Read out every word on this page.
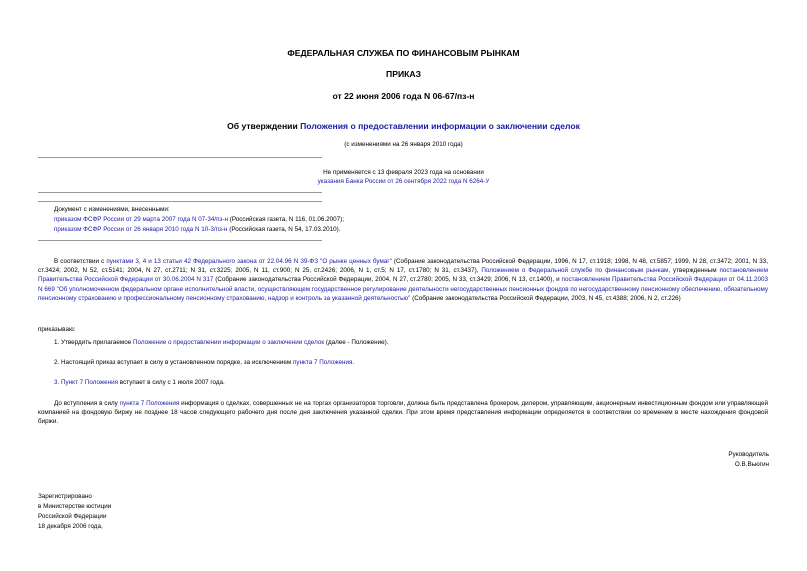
ФЕДЕРАЛЬНАЯ СЛУЖБА ПО ФИНАНСОВЫМ РЫНКАМ
ПРИКАЗ
от 22 июня 2006 года N 06-67/пз-н
Об утверждении Положения о предоставлении информации о заключении сделок
(с изменениями на 26 января 2010 года)
Не применяется с 13 февраля 2023 года на основании
указания Банка России от 26 сентября 2022 года N 6264-У
Документ с изменениями, внесенными:
приказом ФСФР России от 29 марта 2007 года N 07-34/пз-н (Российская газета, N 116, 01.06.2007);
приказом ФСФР России от 26 января 2010 года N 10-3/пз-н (Российская газета, N 54, 17.03.2010).
В соответствии с пунктами 3, 4 и 13 статьи 42 Федерального закона от 22.04.96 N 39-ФЗ "О рынке ценных бумаг" (Собрание законодательства Российской Федерации, 1996, N 17, ст.1918; 1998, N 48, ст.5857; 1999, N 28, ст.3472; 2001, N 33, ст.3424; 2002, N 52, ст.5141; 2004, N 27, ст.2711; N 31, ст.3225; 2005, N 11, ст.900; N 25, ст.2426; 2006, N 1, ст.5; N 17, ст.1780; N 31, ст.3437), Положением о Федеральной службе по финансовым рынкам, утвержденным постановлением Правительства Российской Федерации от 30.06.2004 N 317 (Собрание законодательства Российской Федерации, 2004, N 27, ст.2780; 2005, N 33, ст.3429; 2006, N 13, ст.1400), и постановлением Правительства Российской Федерации от 04.11.2003 N 669 "Об уполномоченном федеральном органе исполнительной власти, осуществляющем государственное регулирование деятельности негосударственных пенсионных фондов по негосударственному пенсионному обеспечению, обязательному пенсионному страхованию и профессиональному пенсионному страхованию, надзор и контроль за указанной деятельностью" (Собрание законодательства Российской Федерации, 2003, N 45, ст.4388; 2006, N 2, ст.226)
приказываю:
1. Утвердить прилагаемое Положение о предоставлении информации о заключении сделок (далее - Положение).
2. Настоящий приказ вступает в силу в установленном порядке, за исключением пункта 7 Положения.
3. Пункт 7 Положения вступает в силу с 1 июля 2007 года.
До вступления в силу пункта 7 Положения информация о сделках, совершенных не на торгах организаторов торговли, должна быть представлена брокером, дилером, управляющим, акционерным инвестиционным фондом или управляющей компанией на фондовую биржу не позднее 18 часов следующего рабочего дня после дня заключения указанной сделки. При этом время представления информации определяется в соответствии со временем в месте нахождения фондовой биржи.
Руководитель
О.В.Вьюгин
Зарегистрировано
в Министерстве юстиции
Российской Федерации
18 декабря 2006 года,
